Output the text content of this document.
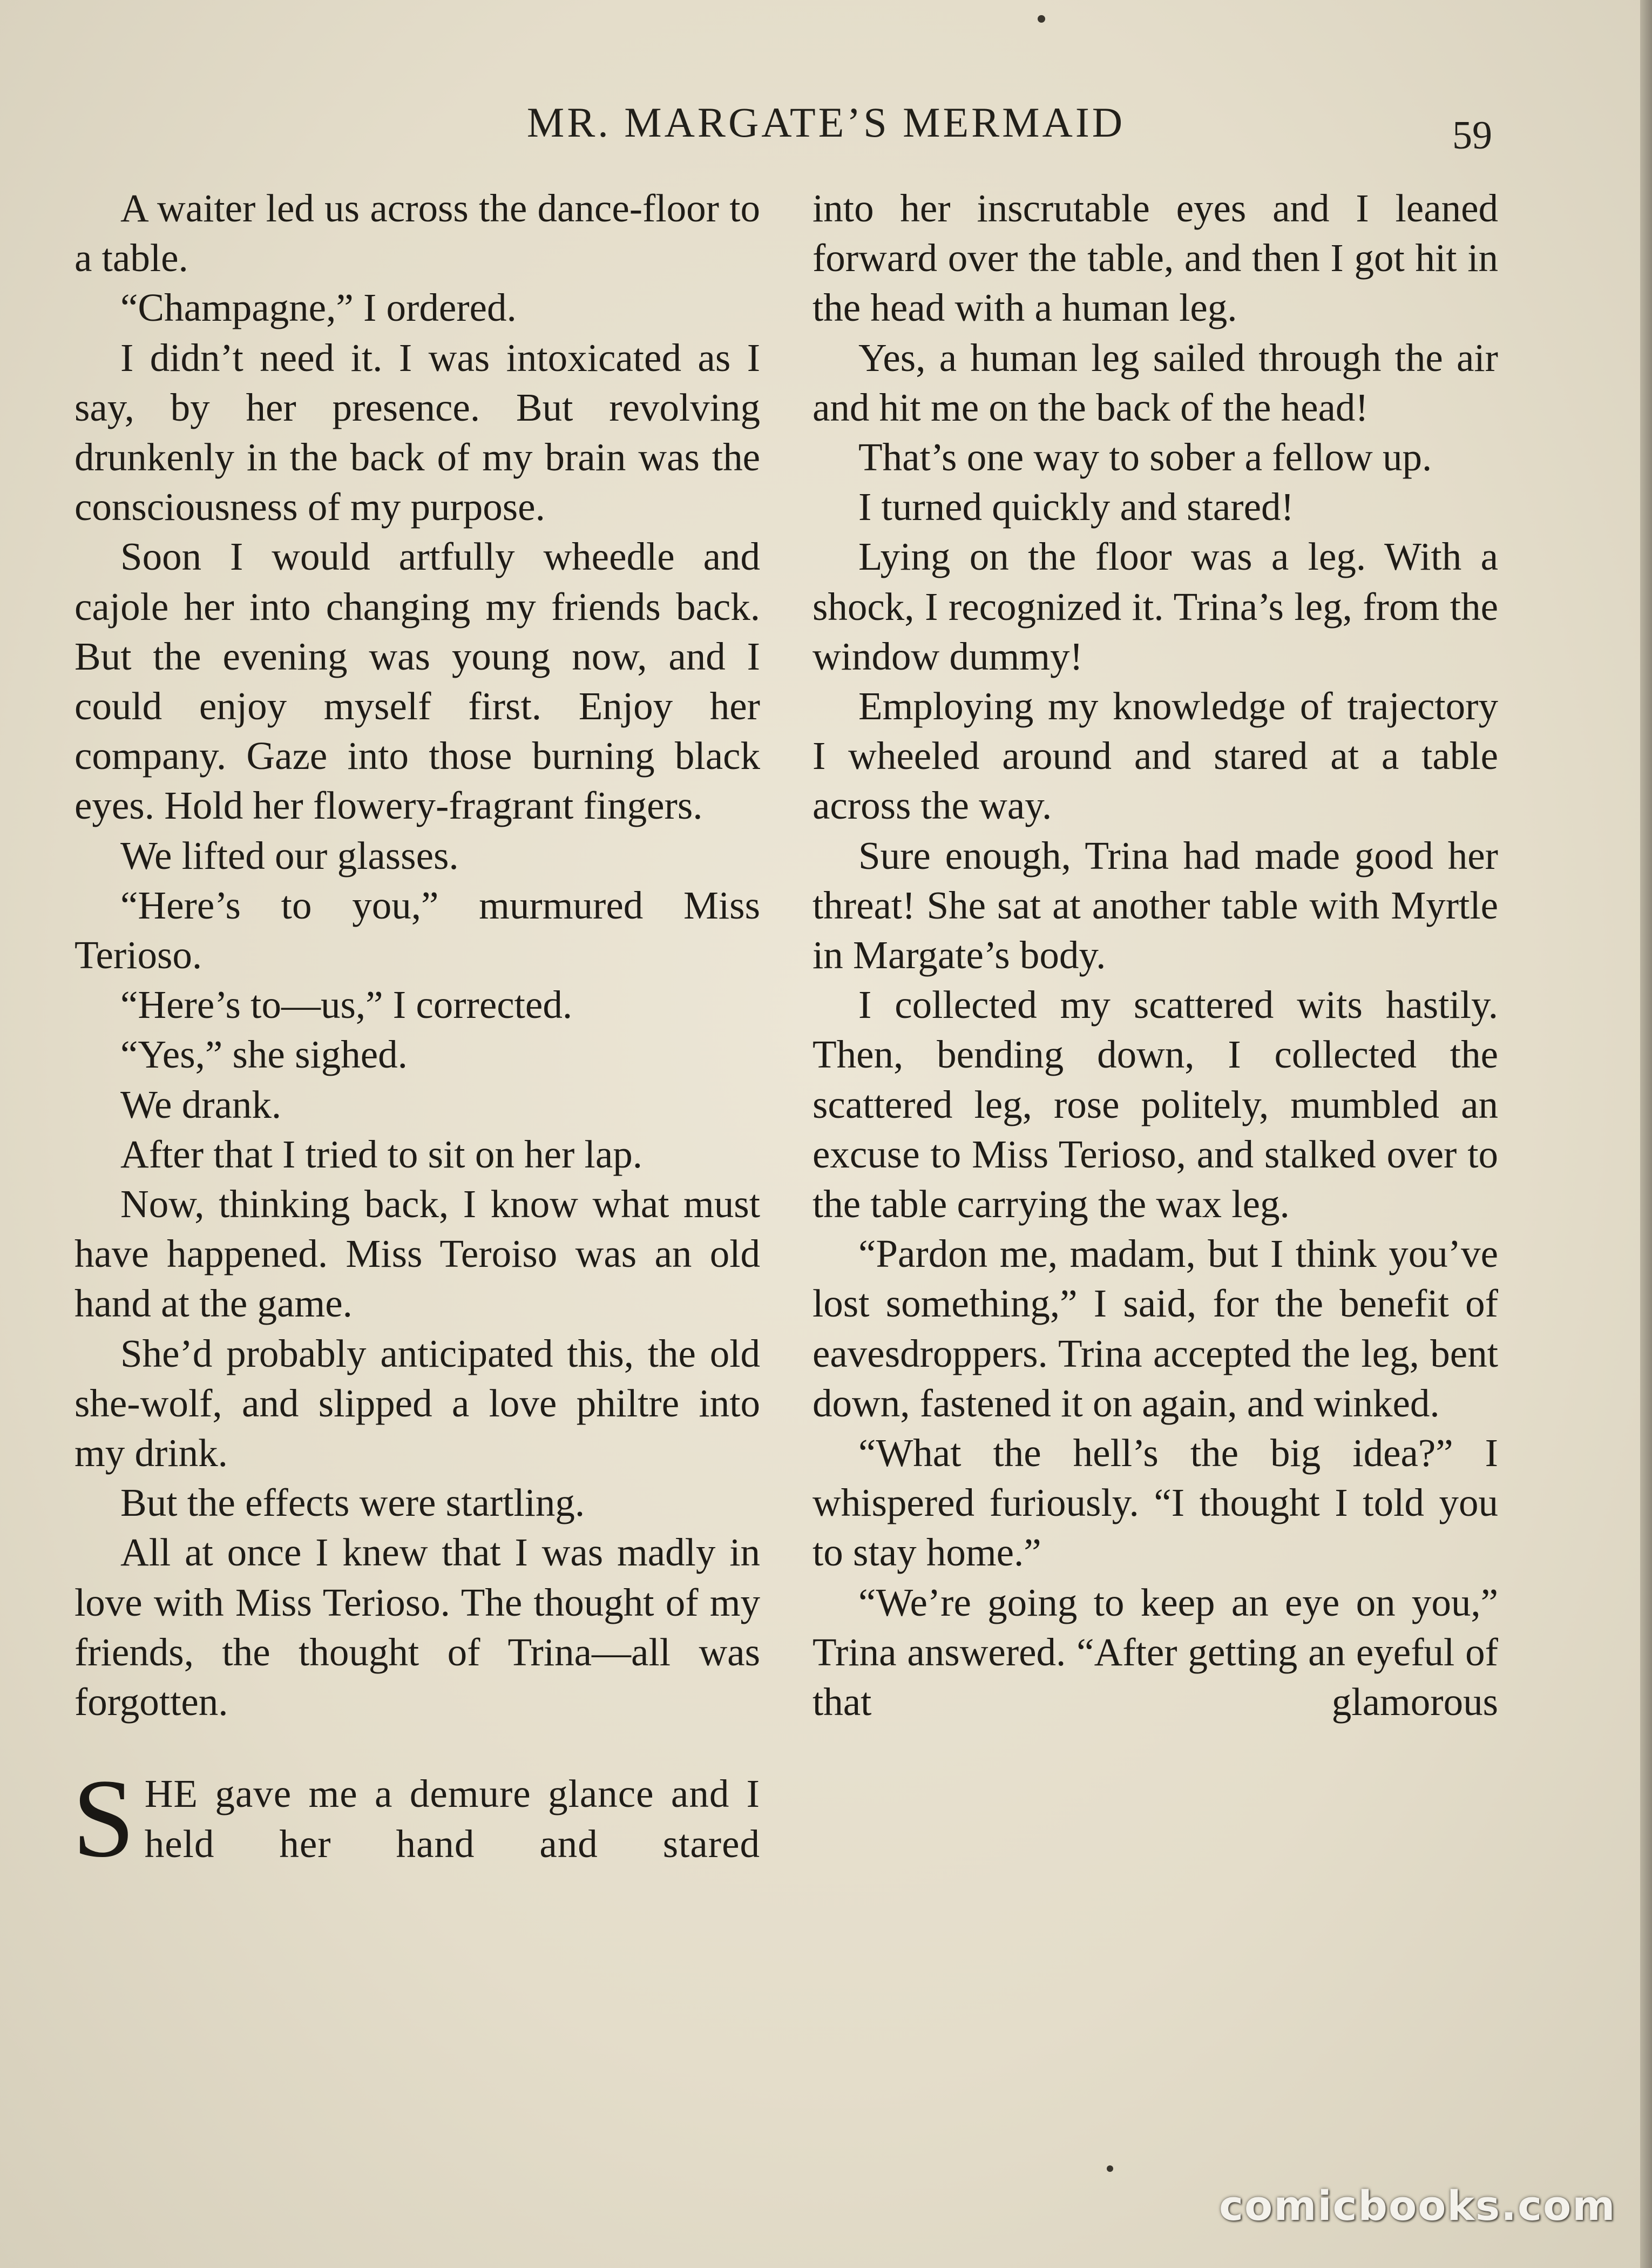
MR. MARGATE’S MERMAID	59

A waiter led us across the dance-floor to a table.

“Champagne,” I ordered.

I didn’t need it. I was intoxicated as I say, by her presence. But revolving drunkenly in the back of my brain was the consciousness of my purpose.

Soon I would artfully wheedle and cajole her into changing my friends back. But the evening was young now, and I could enjoy myself first. Enjoy her company. Gaze into those burning black eyes. Hold her flowery-fragrant fingers.

We lifted our glasses.

“Here’s to you,” murmured Miss Terioso.

“Here’s to—us,” I corrected.

“Yes,” she sighed.

We drank.

After that I tried to sit on her lap.

Now, thinking back, I know what must have happened. Miss Teroiso was an old hand at the game.

She’d probably anticipated this, the old she-wolf, and slipped a love philtre into my drink.

But the effects were startling.

All at once I knew that I was madly in love with Miss Terioso. The thought of my friends, the thought of Trina—all was forgotten.

SHE gave me a demure glance and I held her hand and stared

into her inscrutable eyes and I leaned forward over the table, and then I got hit in the head with a human leg.

Yes, a human leg sailed through the air and hit me on the back of the head!

That’s one way to sober a fellow up.

I turned quickly and stared!

Lying on the floor was a leg. With a shock, I recognized it. Trina’s leg, from the window dummy!

Employing my knowledge of trajectory I wheeled around and stared at a table across the way.

Sure enough, Trina had made good her threat! She sat at another table with Myrtle in Margate’s body.

I collected my scattered wits hastily. Then, bending down, I collected the scattered leg, rose politely, mumbled an excuse to Miss Terioso, and stalked over to the table carrying the wax leg.

“Pardon me, madam, but I think you’ve lost something,” I said, for the benefit of eavesdroppers. Trina accepted the leg, bent down, fastened it on again, and winked.

“What the hell’s the big idea?” I whispered furiously. “I thought I told you to stay home.”

“We’re going to keep an eye on you,” Trina answered. “After getting an eyeful of that glamorous

comicbooks.com
